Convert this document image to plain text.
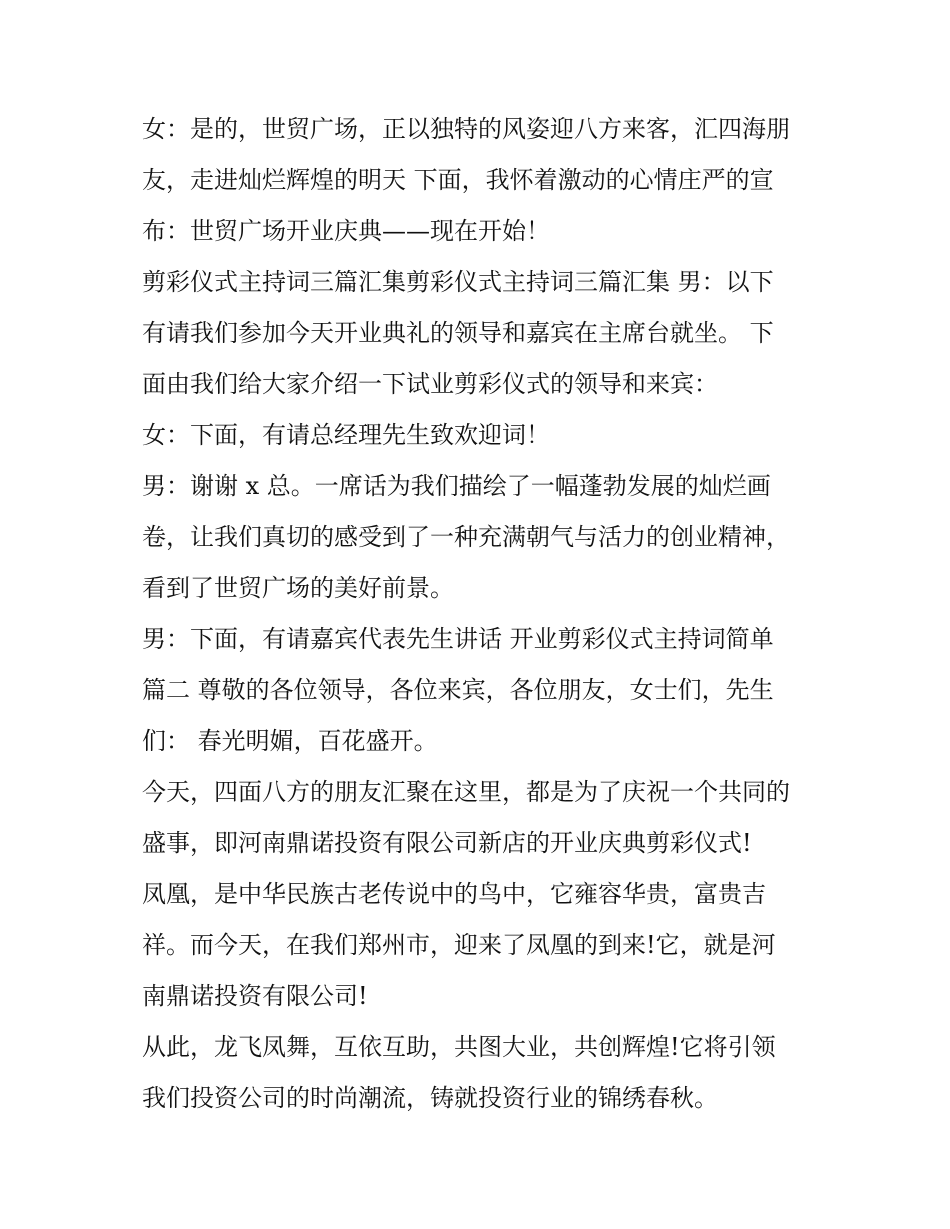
女：是的，世贸广场，正以独特的风姿迎八方来客，汇四海朋
友，走进灿烂辉煌的明天 下面，我怀着激动的心情庄严的宣
布：世贸广场开业庆典——现在开始！
剪彩仪式主持词三篇汇集剪彩仪式主持词三篇汇集 男：以下
有请我们参加今天开业典礼的领导和嘉宾在主席台就坐。 下
面由我们给大家介绍一下试业剪彩仪式的领导和来宾：
女：下面，有请总经理先生致欢迎词！
男：谢谢 x 总。一席话为我们描绘了一幅蓬勃发展的灿烂画
卷，让我们真切的感受到了一种充满朝气与活力的创业精神，
看到了世贸广场的美好前景。
男：下面，有请嘉宾代表先生讲话 开业剪彩仪式主持词简单
篇二 尊敬的各位领导，各位来宾，各位朋友，女士们，先生
们： 春光明媚，百花盛开。
今天，四面八方的朋友汇聚在这里，都是为了庆祝一个共同的
盛事，即河南鼎诺投资有限公司新店的开业庆典剪彩仪式!
凤凰，是中华民族古老传说中的鸟中，它雍容华贵，富贵吉
祥。而今天，在我们郑州市，迎来了凤凰的到来!它，就是河
南鼎诺投资有限公司!
从此，龙飞凤舞，互依互助，共图大业，共创辉煌!它将引领
我们投资公司的时尚潮流，铸就投资行业的锦绣春秋。
